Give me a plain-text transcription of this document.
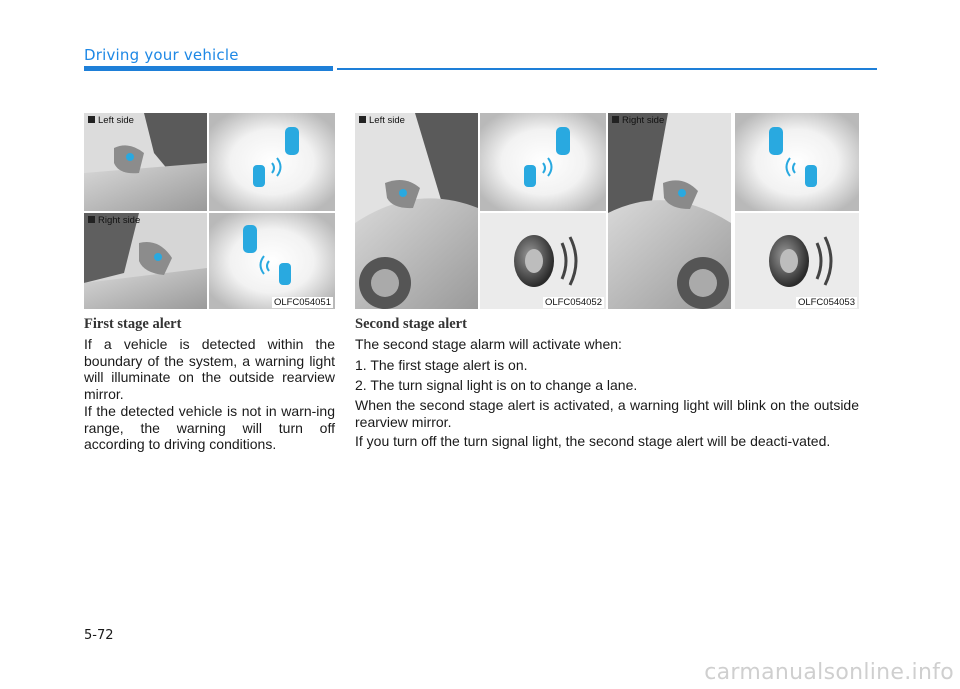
Driving your vehicle
Left side
Right side
OLFC054051
Left side
OLFC054052
Right side
OLFC054053
First stage alert

If a vehicle is detected within the boundary of the system, a warning light will illuminate on the outside rearview mirror.

If the detected vehicle is not in warn-ing range, the warning will turn off according to driving conditions.

Second stage alert

The second stage alarm will activate when:

1. The first stage alert is on.

2. The turn signal light is on to change a lane.

When the second stage alert is activated, a warning light will blink on the outside rearview mirror.

If you turn off the turn signal light, the second stage alert will be deacti-vated.

5-72
carmanualsonline.info
